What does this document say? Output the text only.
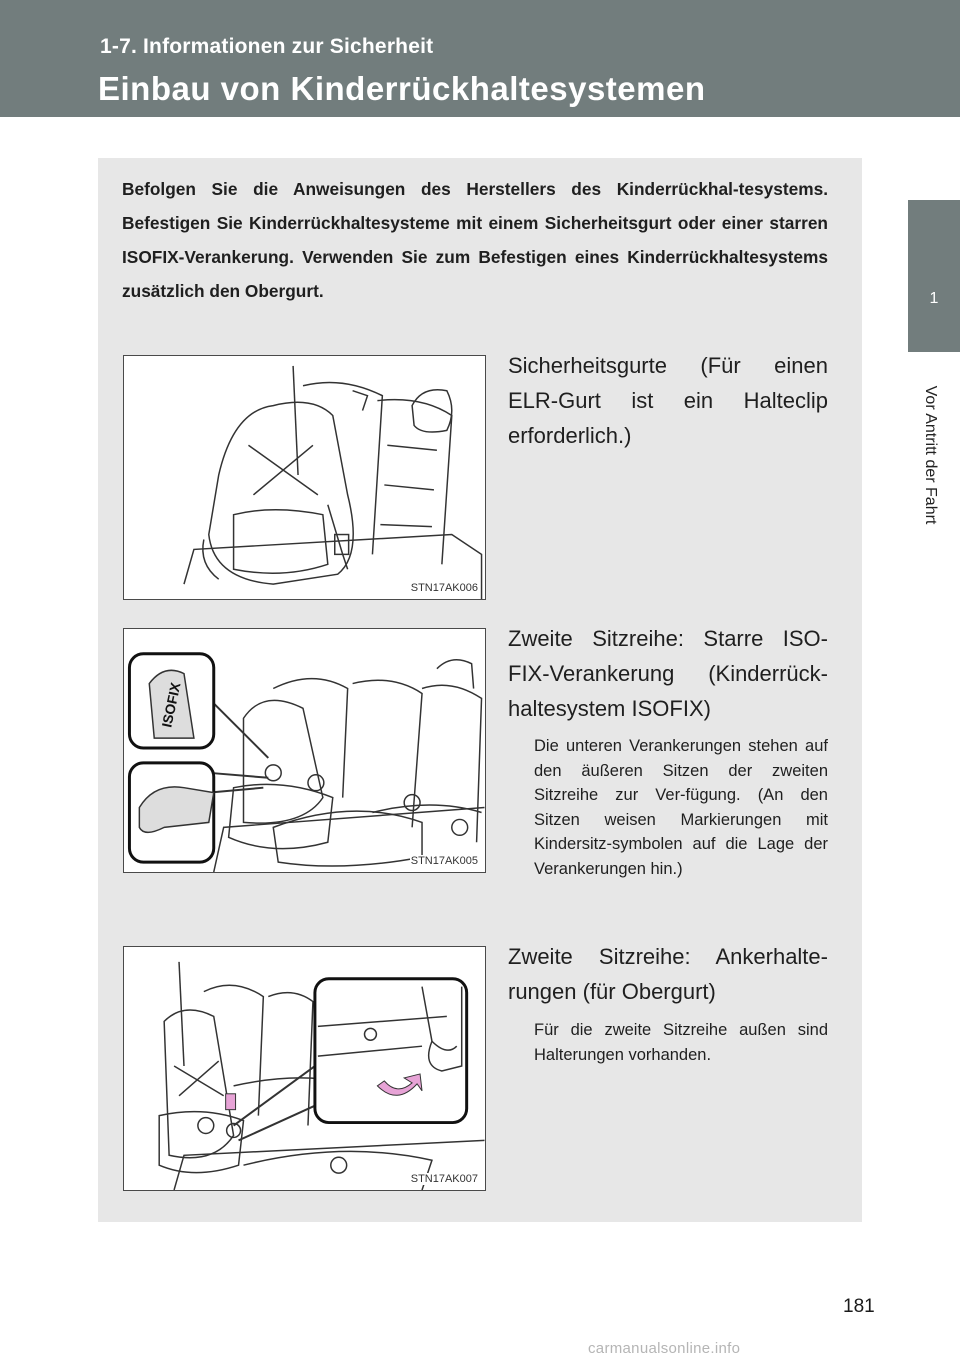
1-7. Informationen zur Sicherheit
Einbau von Kinderrückhaltesystemen
1
Vor Antritt der Fahrt
Befolgen Sie die Anweisungen des Herstellers des Kinderrückhal-tesystems. Befestigen Sie Kinderrückhaltesysteme mit einem Sicherheitsgurt oder einer starren ISOFIX-Verankerung. Verwenden Sie zum Befestigen eines Kinderrückhaltesystems zusätzlich den Obergurt.
STN17AK006
Sicherheitsgurte (Für einen ELR-Gurt ist ein Halteclip erforderlich.)
ISOFIX
STN17AK005
Zweite Sitzreihe: Starre ISO-FIX-Verankerung (Kinderrück-haltesystem ISOFIX)
Die unteren Verankerungen stehen auf den äußeren Sitzen der zweiten Sitzreihe zur Ver-fügung. (An den Sitzen weisen Markierungen mit Kindersitz-symbolen auf die Lage der Verankerungen hin.)
STN17AK007
Zweite Sitzreihe: Ankerhalte-rungen (für Obergurt)
Für die zweite Sitzreihe außen sind Halterungen vorhanden.
181
carmanualsonline.info
